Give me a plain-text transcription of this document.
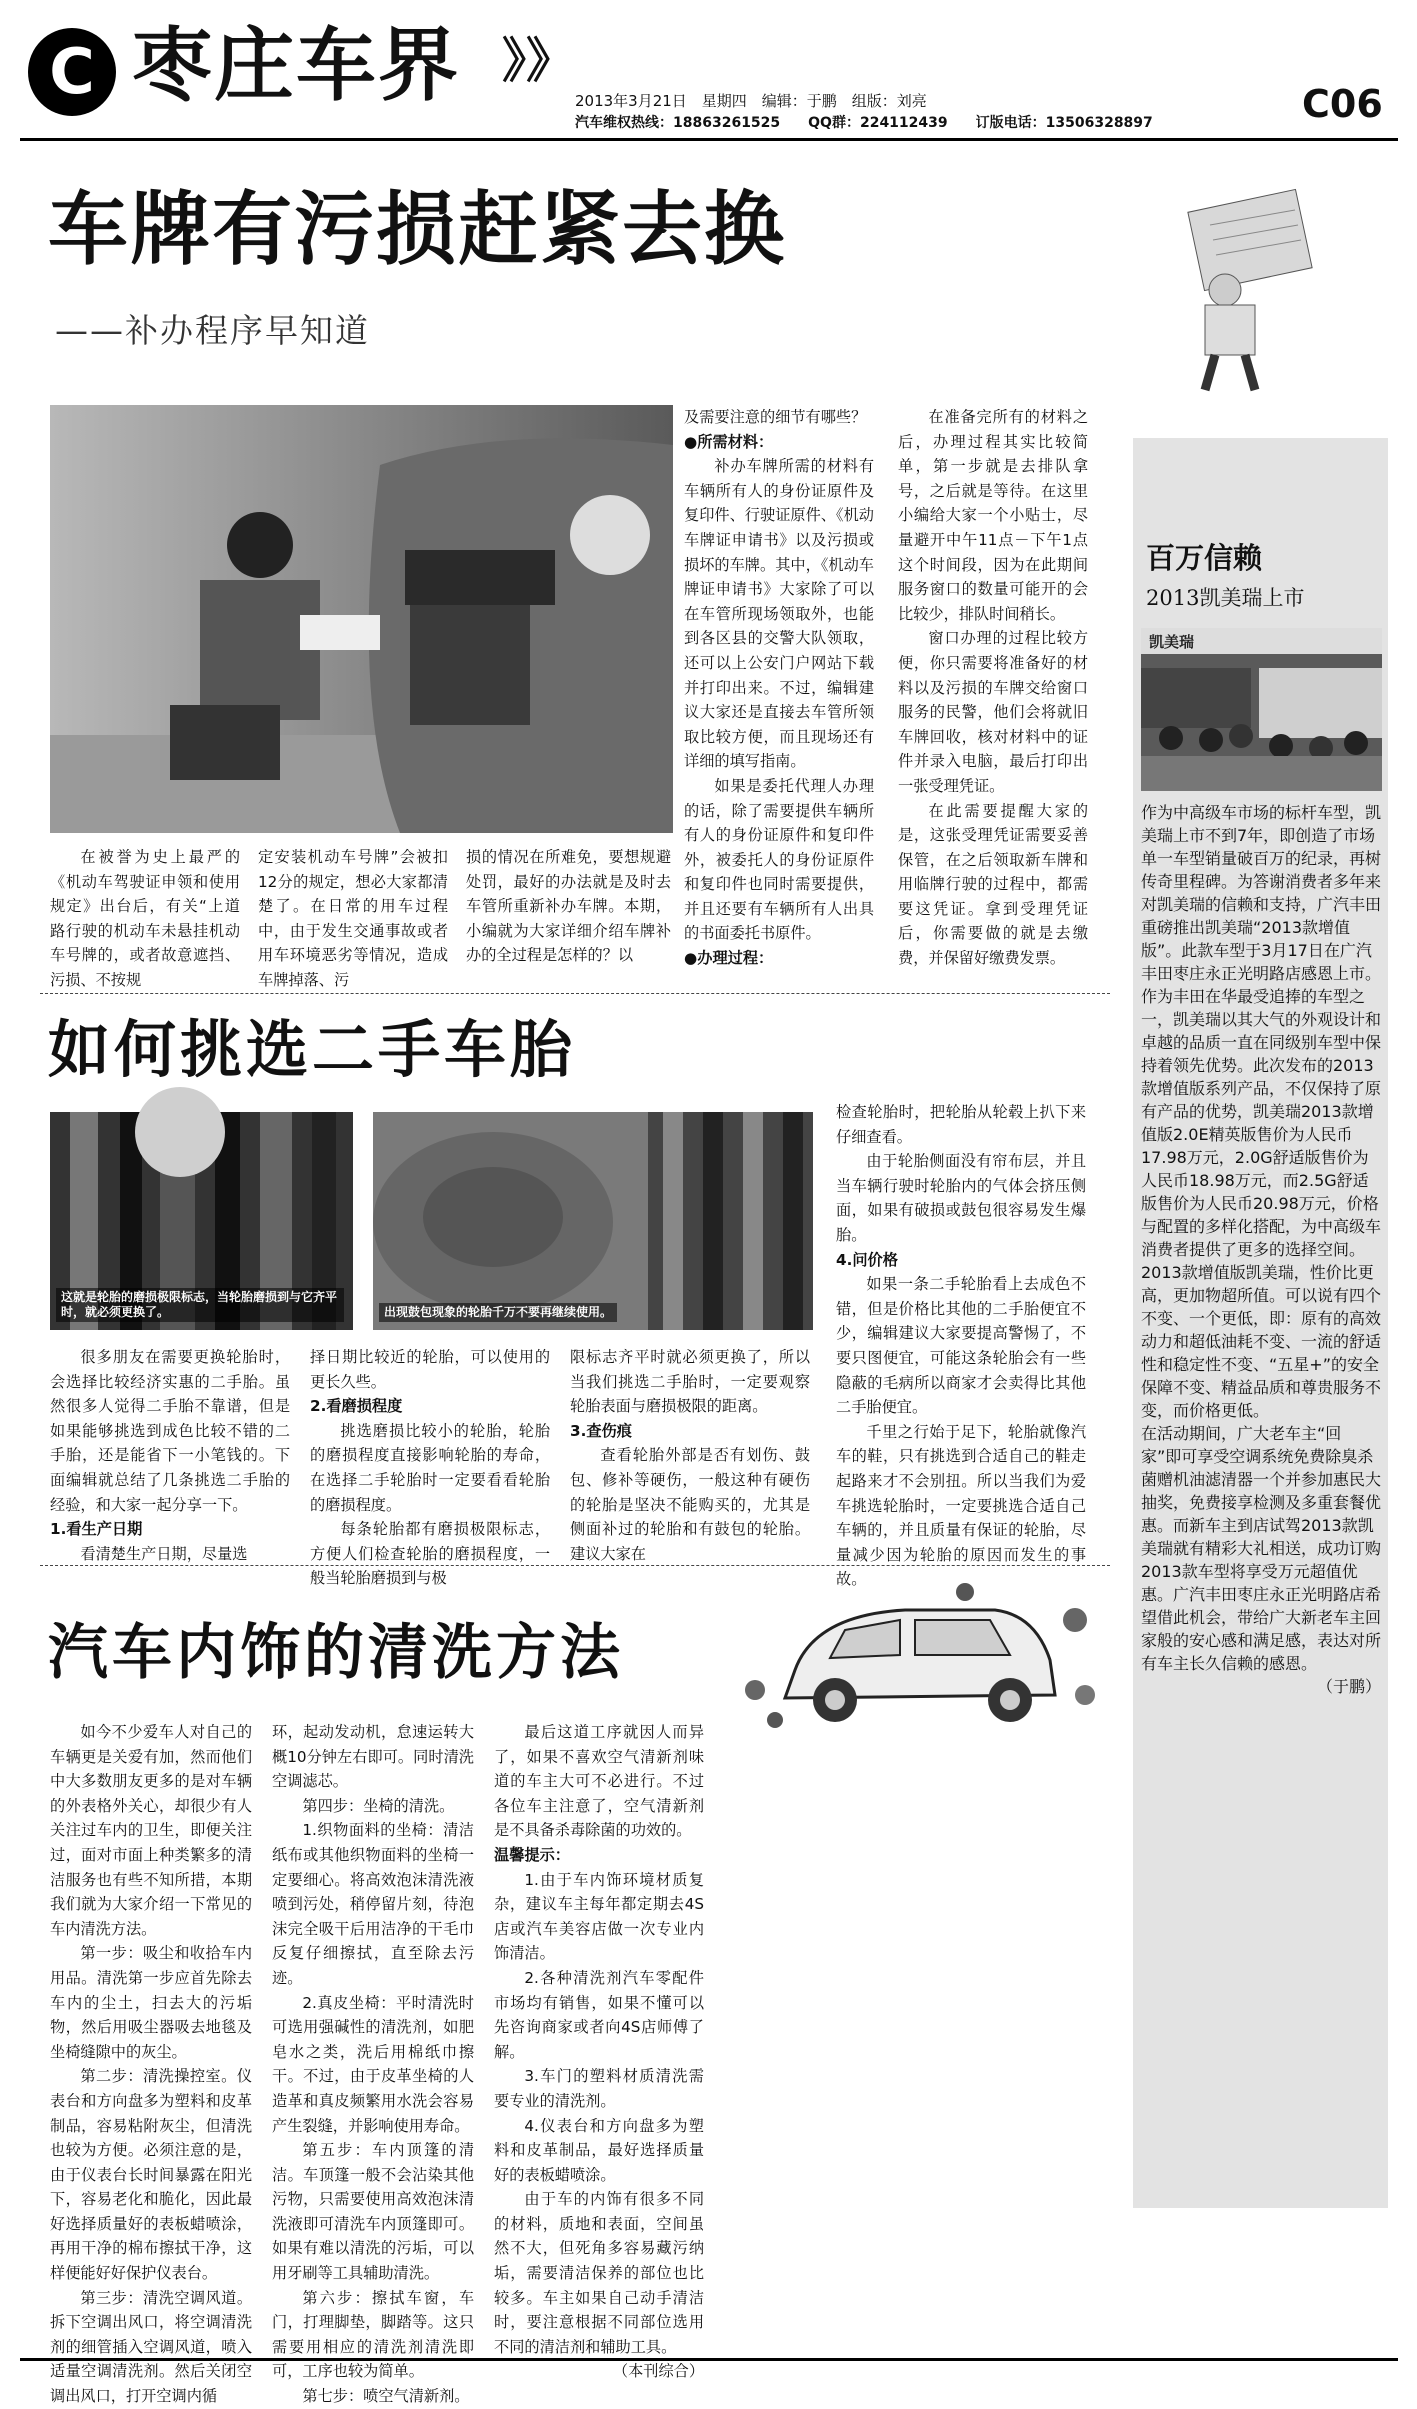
C 枣庄车界 》》
2013年3月21日　星期四　编辑：于鹏　组版：刘亮
汽车维权热线：18863261525　　QQ群：224112439　　订版电话：13506328897	C06
百万信赖
2013凯美瑞上市
凯美瑞

作为中高级车市场的标杆车型，凯美瑞上市不到7年，即创造了市场单一车型销量破百万的纪录，再树传奇里程碑。为答谢消费者多年来对凯美瑞的信赖和支持，广汽丰田重磅推出凯美瑞“2013款增值版”。此款车型于3月17日在广汽丰田枣庄永正光明路店感恩上市。

作为丰田在华最受追捧的车型之一，凯美瑞以其大气的外观设计和卓越的品质一直在同级别车型中保持着领先优势。此次发布的2013款增值版系列产品，不仅保持了原有产品的优势，凯美瑞2013款增值版2.0E精英版售价为人民币17.98万元，2.0G舒适版售价为人民币18.98万元，而2.5G舒适版售价为人民币20.98万元，价格与配置的多样化搭配，为中高级车消费者提供了更多的选择空间。2013款增值版凯美瑞，性价比更高，更加物超所值。可以说有四个不变、一个更低，即：原有的高效动力和超低油耗不变、一流的舒适性和稳定性不变、“五星+”的安全保障不变、精益品质和尊贵服务不变，而价格更低。

在活动期间，广大老车主“回家”即可享受空调系统免费除臭杀菌赠机油滤清器一个并参加惠民大抽奖，免费接享检测及多重套餐优惠。而新车主到店试驾2013款凯美瑞就有精彩大礼相送，成功订购2013款车型将享受万元超值优惠。广汽丰田枣庄永正光明路店希望借此机会，带给广大新老车主回家般的安心感和满足感，表达对所有车主长久信赖的感恩。

（于鹏）

车牌有污损赶紧去换
——补办程序早知道

在被誉为史上最严的《机动车驾驶证申领和使用规定》出台后，有关“上道路行驶的机动车未悬挂机动车号牌的，或者故意遮挡、污损、不按规

定安装机动车号牌”会被扣12分的规定，想必大家都清楚了。在日常的用车过程中，由于发生交通事故或者用车环境恶劣等情况，造成车牌掉落、污

损的情况在所难免，要想规避处罚，最好的办法就是及时去车管所重新补办车牌。本期，小编就为大家详细介绍车牌补办的全过程是怎样的？以

及需要注意的细节有哪些？

●所需材料：

补办车牌所需的材料有车辆所有人的身份证原件及复印件、行驶证原件、《机动车牌证申请书》以及污损或损坏的车牌。其中，《机动车牌证申请书》大家除了可以在车管所现场领取外，也能到各区县的交警大队领取，还可以上公安门户网站下载并打印出来。不过，编辑建议大家还是直接去车管所领取比较方便，而且现场还有详细的填写指南。

如果是委托代理人办理的话，除了需要提供车辆所有人的身份证原件和复印件外，被委托人的身份证原件和复印件也同时需要提供，并且还要有车辆所有人出具的书面委托书原件。

●办理过程：

在准备完所有的材料之后，办理过程其实比较简单，第一步就是去排队拿号，之后就是等待。在这里小编给大家一个小贴士，尽量避开中午11点－下午1点这个时间段，因为在此期间服务窗口的数量可能开的会比较少，排队时间稍长。

窗口办理的过程比较方便，你只需要将准备好的材料以及污损的车牌交给窗口服务的民警，他们会将就旧车牌回收，核对材料中的证件并录入电脑，最后打印出一张受理凭证。

在此需要提醒大家的是，这张受理凭证需要妥善保管，在之后领取新车牌和用临牌行驶的过程中，都需要这凭证。拿到受理凭证后，你需要做的就是去缴费，并保留好缴费发票。

如何挑选二手车胎
这就是轮胎的磨损极限标志，当轮胎磨损到与它齐平时，就必须更换了。	出现鼓包现象的轮胎千万不要再继续使用。

很多朋友在需要更换轮胎时，会选择比较经济实惠的二手胎。虽然很多人觉得二手胎不靠谱，但是如果能够挑选到成色比较不错的二手胎，还是能省下一小笔钱的。下面编辑就总结了几条挑选二手胎的经验，和大家一起分享一下。

1.看生产日期

看清楚生产日期，尽量选

择日期比较近的轮胎，可以使用的更长久些。

2.看磨损程度

挑选磨损比较小的轮胎，轮胎的磨损程度直接影响轮胎的寿命，在选择二手轮胎时一定要看看轮胎的磨损程度。

每条轮胎都有磨损极限标志，方便人们检查轮胎的磨损程度，一般当轮胎磨损到与极

限标志齐平时就必须更换了，所以当我们挑选二手胎时，一定要观察轮胎表面与磨损极限的距离。

3.查伤痕

查看轮胎外部是否有划伤、鼓包、修补等硬伤，一般这种有硬伤的轮胎是坚决不能购买的，尤其是侧面补过的轮胎和有鼓包的轮胎。建议大家在

检查轮胎时，把轮胎从轮毂上扒下来仔细查看。

由于轮胎侧面没有帘布层，并且当车辆行驶时轮胎内的气体会挤压侧面，如果有破损或鼓包很容易发生爆胎。

4.问价格

如果一条二手轮胎看上去成色不错，但是价格比其他的二手胎便宜不少，编辑建议大家要提高警惕了，不要只图便宜，可能这条轮胎会有一些隐蔽的毛病所以商家才会卖得比其他二手胎便宜。

千里之行始于足下，轮胎就像汽车的鞋，只有挑选到合适自己的鞋走起路来才不会别扭。所以当我们为爱车挑选轮胎时，一定要挑选合适自己车辆的，并且质量有保证的轮胎，尽量减少因为轮胎的原因而发生的事故。

汽车内饰的清洗方法

如今不少爱车人对自己的车辆更是关爱有加，然而他们中大多数朋友更多的是对车辆的外表格外关心，却很少有人关注过车内的卫生，即便关注过，面对市面上种类繁多的清洁服务也有些不知所措，本期我们就为大家介绍一下常见的车内清洗方法。

第一步：吸尘和收拾车内用品。清洗第一步应首先除去车内的尘土，扫去大的污垢物，然后用吸尘器吸去地毯及坐椅缝隙中的灰尘。

第二步：清洗操控室。仪表台和方向盘多为塑料和皮革制品，容易粘附灰尘，但清洗也较为方便。必须注意的是，由于仪表台长时间暴露在阳光下，容易老化和脆化，因此最好选择质量好的表板蜡喷涂，再用干净的棉布擦拭干净，这样便能好好保护仪表台。

第三步：清洗空调风道。拆下空调出风口，将空调清洗剂的细管插入空调风道，喷入适量空调清洗剂。然后关闭空调出风口，打开空调内循

环，起动发动机，怠速运转大概10分钟左右即可。同时清洗空调滤芯。

第四步：坐椅的清洗。

1.织物面料的坐椅：清洁纸布或其他织物面料的坐椅一定要细心。将高效泡沫清洗液喷到污处，稍停留片刻，待泡沫完全吸干后用洁净的干毛巾反复仔细擦拭，直至除去污迹。

2.真皮坐椅：平时清洗时可选用强碱性的清洗剂，如肥皂水之类，洗后用棉纸巾擦干。不过，由于皮革坐椅的人造革和真皮频繁用水洗会容易产生裂缝，并影响使用寿命。

第五步：车内顶篷的清洁。车顶篷一般不会沾染其他污物，只需要使用高效泡沫清洗液即可清洗车内顶篷即可。如果有难以清洗的污垢，可以用牙刷等工具辅助清洗。

第六步：擦拭车窗，车门，打理脚垫，脚踏等。这只需要用相应的清洗剂清洗即可，工序也较为简单。

第七步：喷空气清新剂。

最后这道工序就因人而异了，如果不喜欢空气清新剂味道的车主大可不必进行。不过各位车主注意了，空气清新剂是不具备杀毒除菌的功效的。

温馨提示：

1.由于车内饰环境材质复杂，建议车主每年都定期去4S店或汽车美容店做一次专业内饰清洁。

2.各种清洗剂汽车零配件市场均有销售，如果不懂可以先咨询商家或者向4S店师傅了解。

3.车门的塑料材质清洗需要专业的清洗剂。

4.仪表台和方向盘多为塑料和皮革制品，最好选择质量好的表板蜡喷涂。

由于车的内饰有很多不同的材料，质地和表面，空间虽然不大，但死角多容易藏污纳垢，需要清洁保养的部位也比较多。车主如果自己动手清洁时，要注意根据不同部位选用不同的清洁剂和辅助工具。

（本刊综合）
